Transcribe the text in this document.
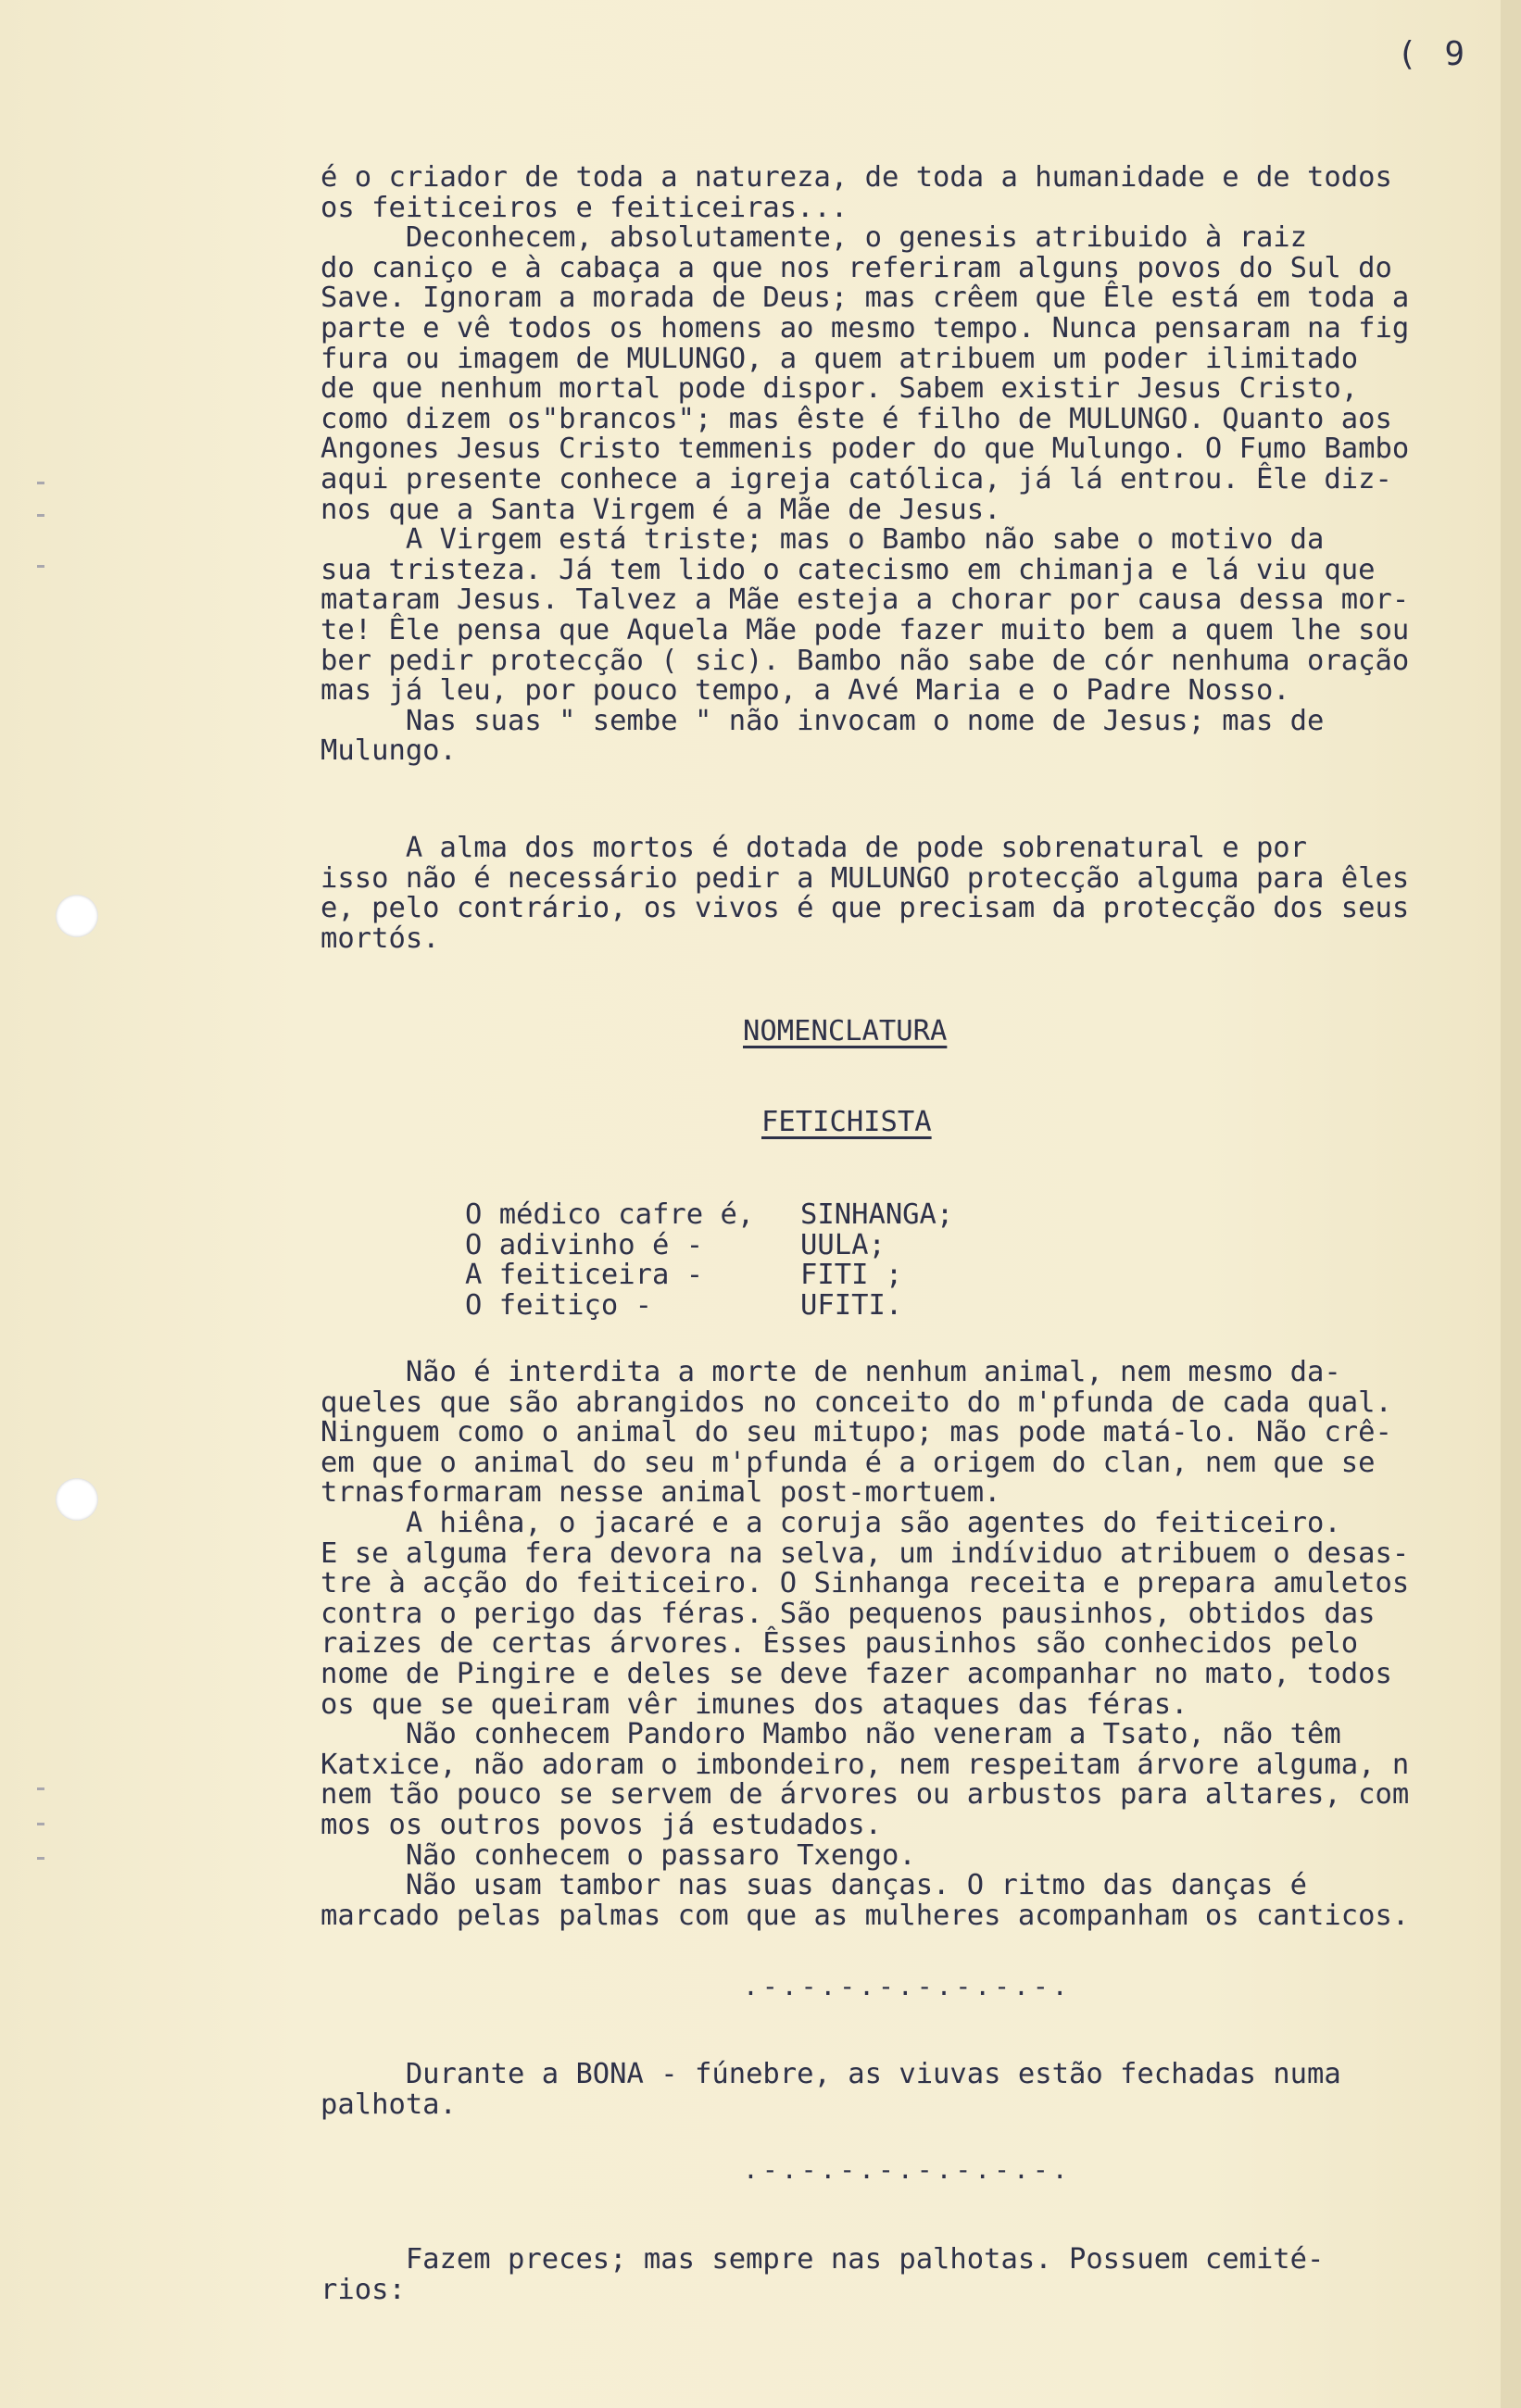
( 9
é o criador de toda a natureza, de toda a humanidade e de todos
os feiticeiros e feiticeiras...
Deconhecem, absolutamente, o genesis atribuido à raiz
do caniço e à cabaça a que nos referiram alguns povos do Sul do
Save. Ignoram a morada de Deus; mas crêem que Êle está em toda a
parte e vê todos os homens ao mesmo tempo. Nunca pensaram na fig
fura ou imagem de MULUNGO, a quem atribuem um poder ilimitado
de que nenhum mortal pode dispor. Sabem existir Jesus Cristo,
como dizem os"brancos"; mas êste é filho de MULUNGO. Quanto aos
Angones Jesus Cristo temmenis poder do que Mulungo. O Fumo Bambo
aqui presente conhece a igreja católica, já lá entrou. Êle diz-
nos que a Santa Virgem é a Mãe de Jesus.
A Virgem está triste; mas o Bambo não sabe o motivo da
sua tristeza. Já tem lido o catecismo em chimanja e lá viu que
mataram Jesus. Talvez a Mãe esteja a chorar por causa dessa mor-
te! Êle pensa que Aquela Mãe pode fazer muito bem a quem lhe sou
ber pedir protecção ( sic). Bambo não sabe de cór nenhuma oração
mas já leu, por pouco tempo, a Avé Maria e o Padre Nosso.
Nas suas " sembe " não invocam o nome de Jesus; mas de
Mulungo.
A alma dos mortos é dotada de pode sobrenatural e por
isso não é necessário pedir a MULUNGO protecção alguma para êles
e, pelo contrário, os vivos é que precisam da protecção dos seus
mortós.
NOMENCLATURA
FETICHISTA
O médico cafre é, SINHANGA;
O adivinho é -	UULA;
A feiticeira -	FITI ;
O feitiço -	UFITI.
Não é interdita a morte de nenhum animal, nem mesmo da-
queles que são abrangidos no conceito do m'pfunda de cada qual.
Ninguem como o animal do seu mitupo; mas pode matá-lo. Não crê-
em que o animal do seu m'pfunda é a origem do clan, nem que se
trnasformaram nesse animal post-mortuem.
A hiêna, o jacaré e a coruja são agentes do feiticeiro.
E se alguma fera devora na selva, um indíviduo atribuem o desas-
tre à acção do feiticeiro. O Sinhanga receita e prepara amuletos
contra o perigo das féras. São pequenos pausinhos, obtidos das
raizes de certas árvores. Êsses pausinhos são conhecidos pelo
nome de Pingire e deles se deve fazer acompanhar no mato, todos
os que se queiram vêr imunes dos ataques das féras.
Não conhecem Pandoro Mambo não veneram a Tsato, não têm
Katxice, não adoram o imbondeiro, nem respeitam árvore alguma, n
nem tão pouco se servem de árvores ou arbustos para altares, com
mos os outros povos já estudados.
Não conhecem o passaro Txengo.
Não usam tambor nas suas danças. O ritmo das danças é
marcado pelas palmas com que as mulheres acompanham os canticos.
.-.-.-.-.-.-.-.-.
Durante a BONA - fúnebre, as viuvas estão fechadas numa
palhota.
.-.-.-.-.-.-.-.-.
Fazem preces; mas sempre nas palhotas. Possuem cemité-
rios:
